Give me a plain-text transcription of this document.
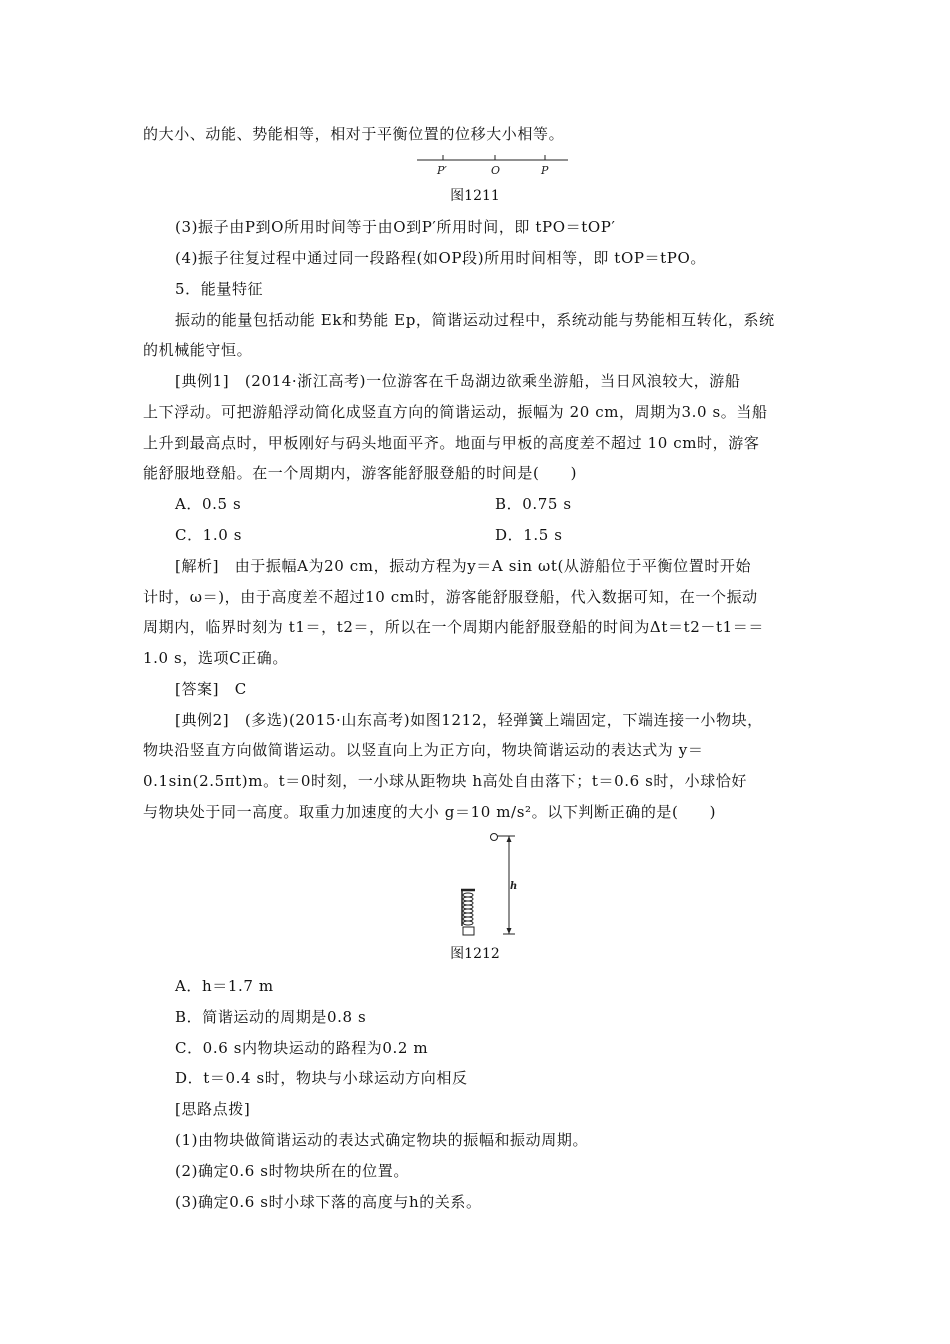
的大小、动能、势能相等，相对于平衡位置的位移大小相等。
P′	O	P
图1211
(3)振子由P到O所用时间等于由O到P′所用时间，即 tPO＝tOP′
(4)振子往复过程中通过同一段路程(如OP段)所用时间相等，即 tOP＝tPO。
5．能量特征
振动的能量包括动能 Ek和势能 Ep，简谐运动过程中，系统动能与势能相互转化，系统
的机械能守恒。
[典例1]　(2014·浙江高考)一位游客在千岛湖边欲乘坐游船，当日风浪较大，游船
上下浮动。可把游船浮动简化成竖直方向的简谐运动，振幅为 20 cm，周期为3.0 s。当船
上升到最高点时，甲板刚好与码头地面平齐。地面与甲板的高度差不超过 10 cm时，游客
能舒服地登船。在一个周期内，游客能舒服登船的时间是(　　)
A．0.5 s	B．0.75 s
C．1.0 s	D．1.5 s
[解析]　由于振幅A为20 cm，振动方程为y＝A sin ωt(从游船位于平衡位置时开始
计时，ω＝)，由于高度差不超过10 cm时，游客能舒服登船，代入数据可知，在一个振动
周期内，临界时刻为 t1＝，t2＝，所以在一个周期内能舒服登船的时间为Δt＝t2－t1＝＝
1.0 s，选项C正确。
[答案]　C
[典例2]　(多选)(2015·山东高考)如图1212，轻弹簧上端固定，下端连接一小物块，
物块沿竖直方向做简谐运动。以竖直向上为正方向，物块简谐运动的表达式为 y＝
0.1sin(2.5πt)m。t＝0时刻，一小球从距物块 h高处自由落下；t＝0.6 s时，小球恰好
与物块处于同一高度。取重力加速度的大小 g＝10 m/s²。以下判断正确的是(　　)
h
图1212
A．h＝1.7 m
B．简谐运动的周期是0.8 s
C．0.6 s内物块运动的路程为0.2 m
D．t＝0.4 s时，物块与小球运动方向相反
[思路点拨]
(1)由物块做简谐运动的表达式确定物块的振幅和振动周期。
(2)确定0.6 s时物块所在的位置。
(3)确定0.6 s时小球下落的高度与h的关系。
